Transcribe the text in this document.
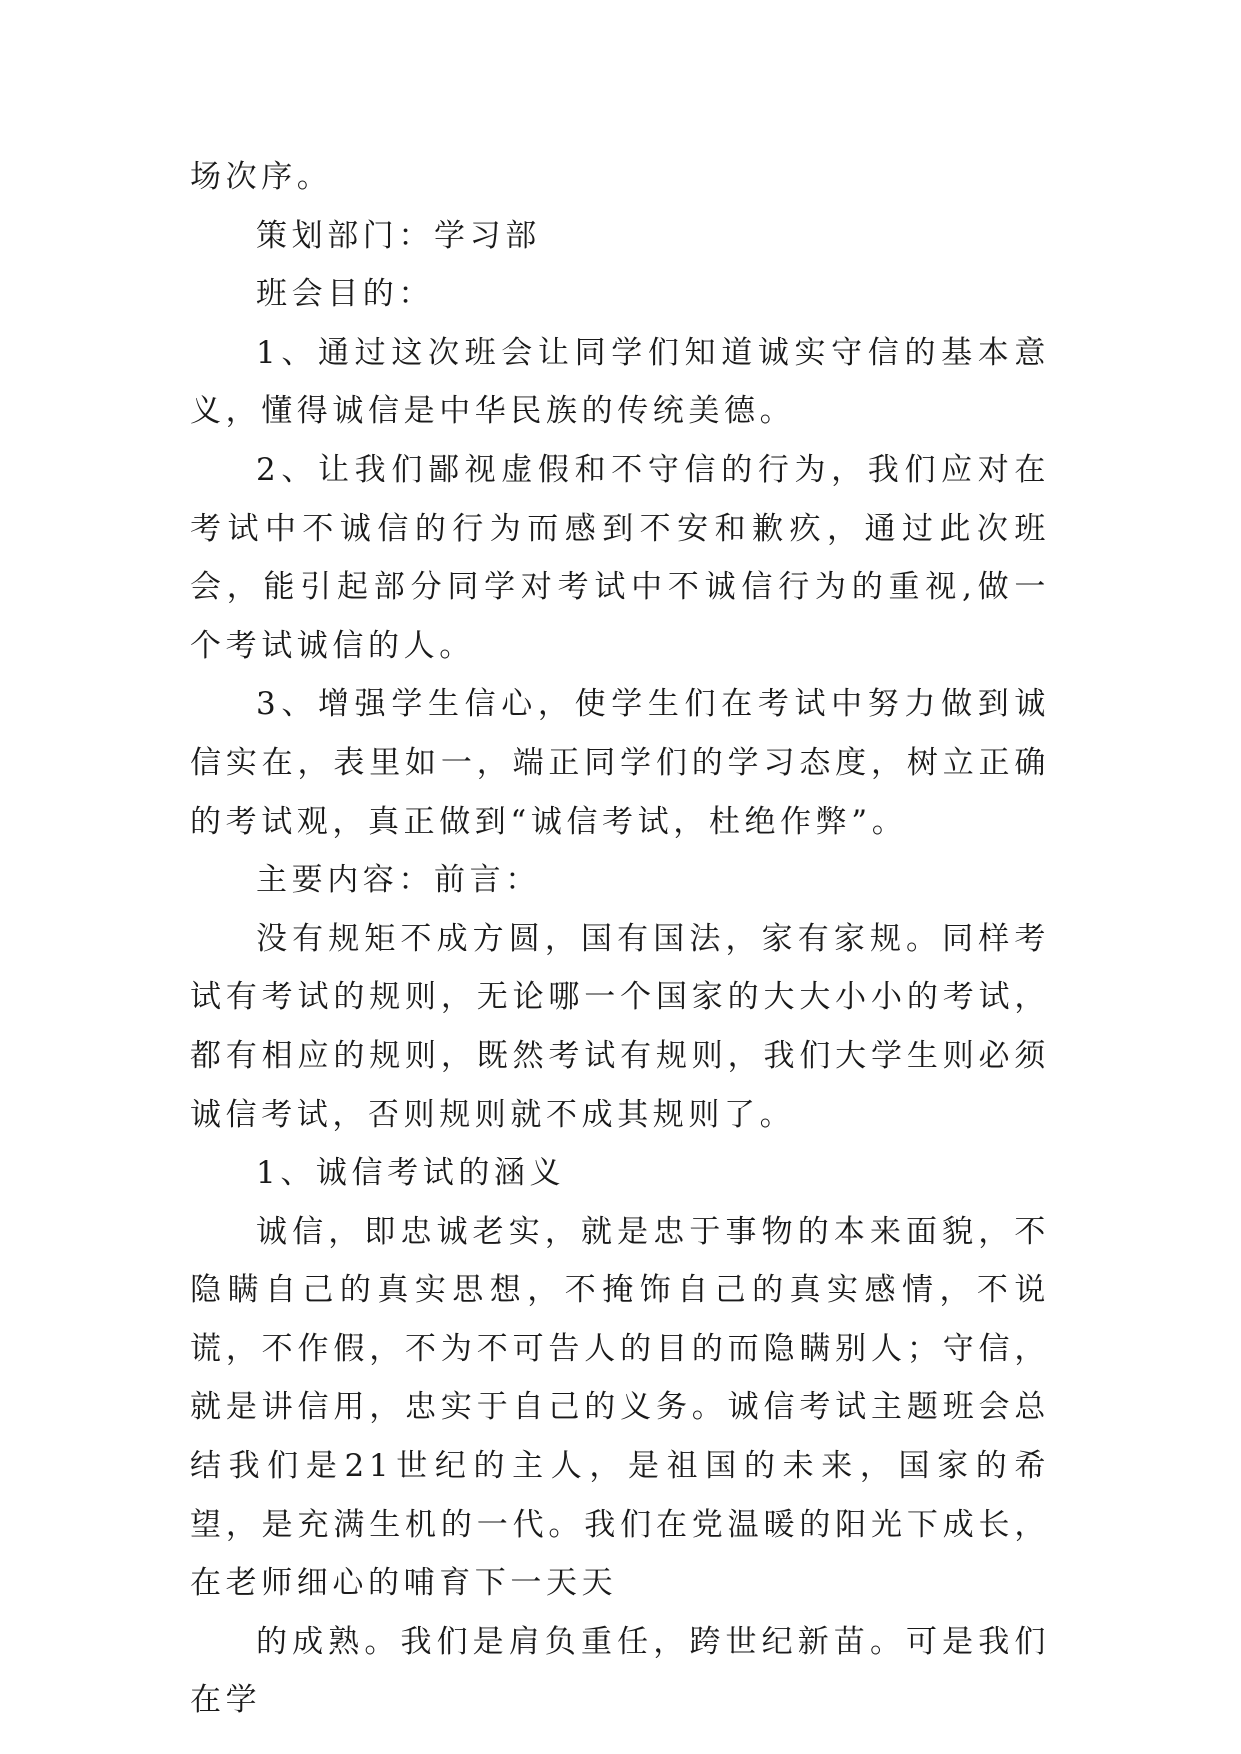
场次序。

策划部门：学习部

班会目的：

1、通过这次班会让同学们知道诚实守信的基本意义，懂得诚信是中华民族的传统美德。

2、让我们鄙视虚假和不守信的行为，我们应对在考试中不诚信的行为而感到不安和歉疚，通过此次班会，能引起部分同学对考试中不诚信行为的重视,做一个考试诚信的人。

3、增强学生信心，使学生们在考试中努力做到诚信实在，表里如一，端正同学们的学习态度，树立正确的考试观，真正做到“诚信考试，杜绝作弊”。

主要内容：前言：

没有规矩不成方圆，国有国法，家有家规。同样考试有考试的规则，无论哪一个国家的大大小小的考试，都有相应的规则，既然考试有规则，我们大学生则必须诚信考试，否则规则就不成其规则了。

1、诚信考试的涵义

诚信，即忠诚老实，就是忠于事物的本来面貌，不隐瞒自己的真实思想，不掩饰自己的真实感情，不说谎，不作假，不为不可告人的目的而隐瞒别人；守信，就是讲信用，忠实于自己的义务。诚信考试主题班会总结我们是21世纪的主人，是祖国的未来，国家的希望，是充满生机的一代。我们在党温暖的阳光下成长，在老师细心的哺育下一天天

的成熟。我们是肩负重任，跨世纪新苗。可是我们在学
